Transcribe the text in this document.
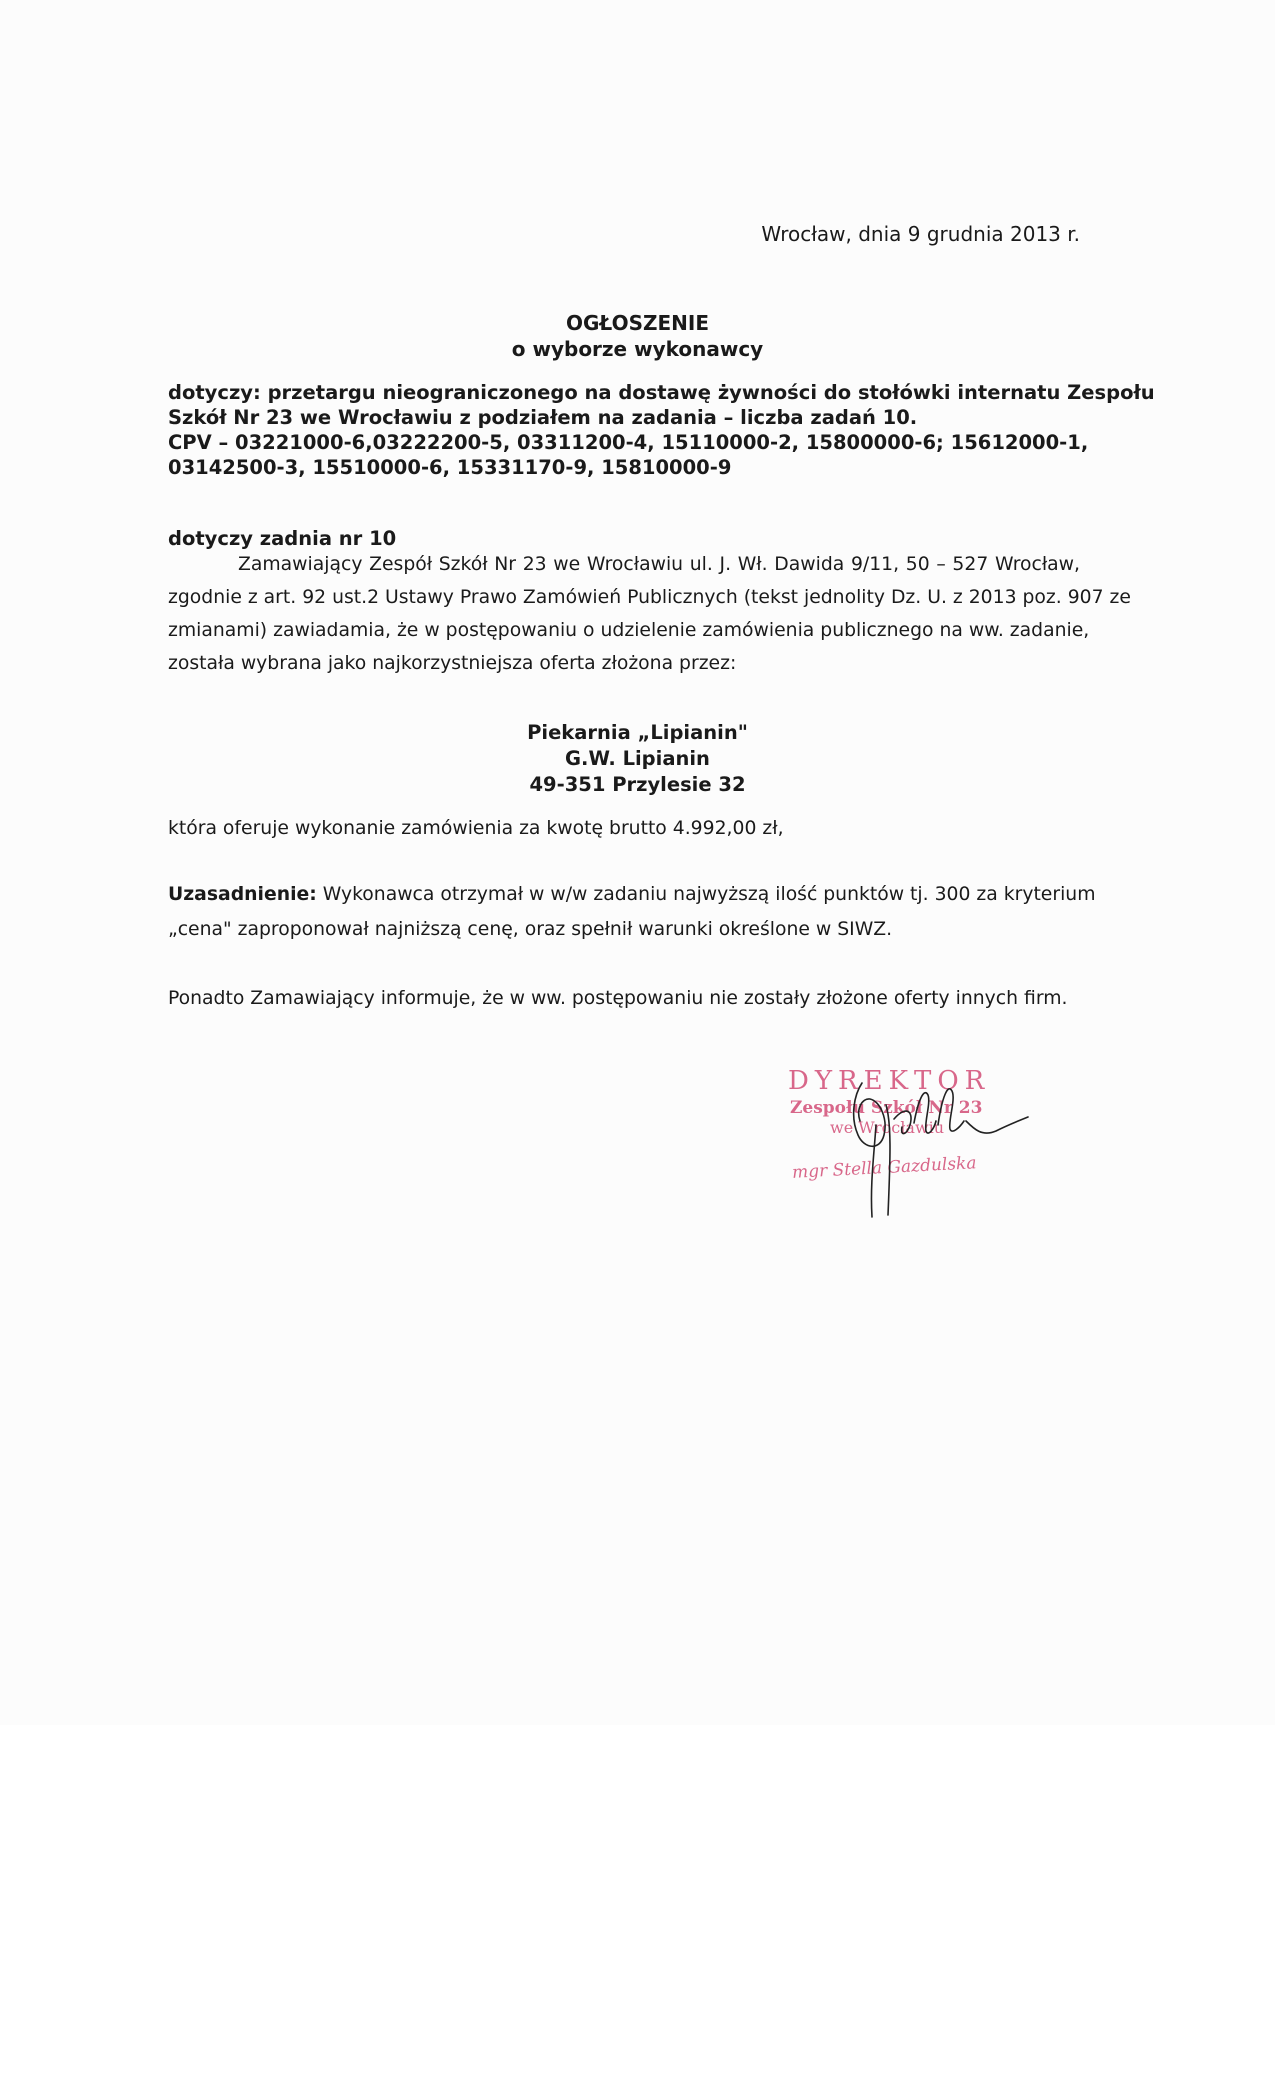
Wrocław, dnia 9 grudnia 2013 r.
OGŁOSZENIE
o wyborze wykonawcy

dotyczy: przetargu nieograniczonego na dostawę żywności do stołówki internatu Zespołu

Szkół Nr 23 we Wrocławiu z podziałem na zadania – liczba zadań 10.

CPV – 03221000-6,03222200-5, 03311200-4, 15110000-2, 15800000-6; 15612000-1,

03142500-3, 15510000-6, 15331170-9, 15810000-9

dotyczy zadnia nr 10
Zamawiający Zespół Szkół Nr 23 we Wrocławiu ul. J. Wł. Dawida 9/11, 50 – 527 Wrocław,
zgodnie z art. 92 ust.2 Ustawy Prawo Zamówień Publicznych (tekst jednolity Dz. U. z 2013 poz. 907 ze
zmianami) zawiadamia, że w postępowaniu o udzielenie zamówienia publicznego na ww. zadanie,
została wybrana jako najkorzystniejsza oferta złożona przez:

Piekarnia „Lipianin"

G.W. Lipianin

49-351 Przylesie 32

która oferuje wykonanie zamówienia za kwotę brutto 4.992,00 zł,
Uzasadnienie: Wykonawca otrzymał w w/w zadaniu najwyższą ilość punktów tj. 300 za kryterium
„cena" zaproponował najniższą cenę, oraz spełnił warunki określone w SIWZ.
Ponadto Zamawiający informuje, że w ww. postępowaniu nie zostały złożone oferty innych firm.
DYREKTOR
Zespołu Szkół Nr 23
we Wrocławiu
mgr Stella Gazdulska
